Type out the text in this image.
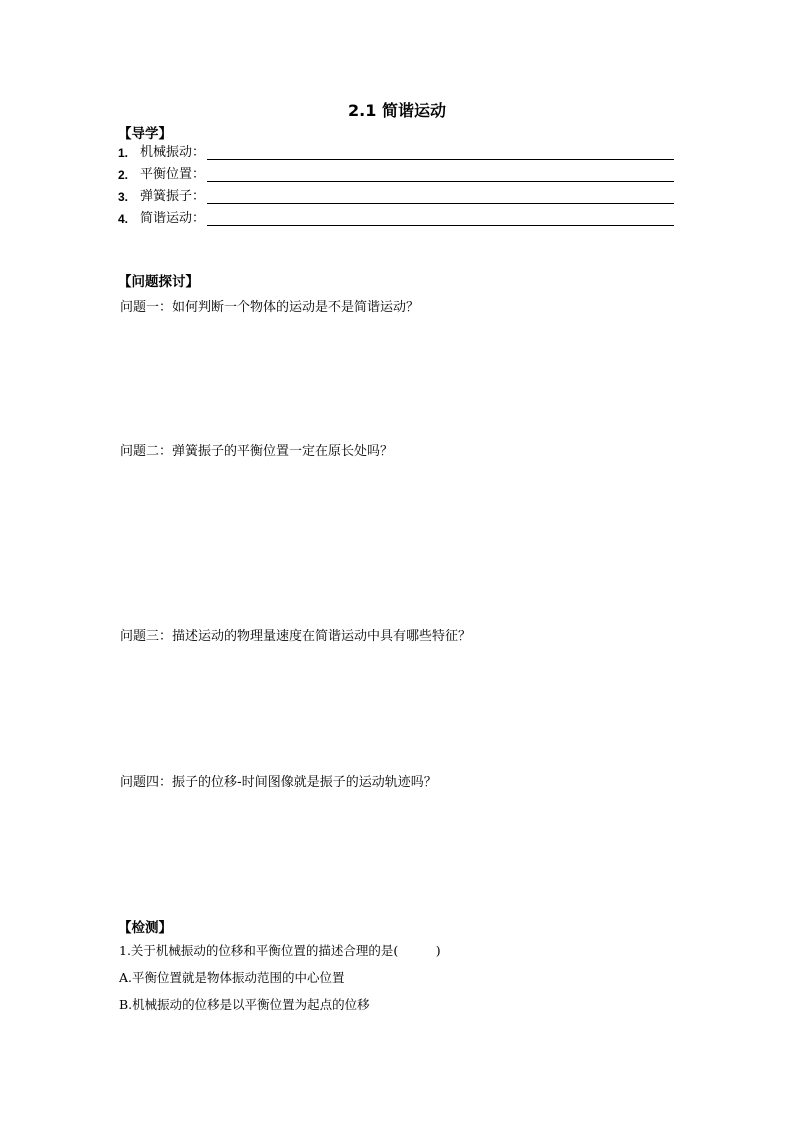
2.1 简谐运动
【导学】
1. 机械振动：
2. 平衡位置：
3. 弹簧振子：
4. 简谐运动：
【问题探讨】
问题一：如何判断一个物体的运动是不是简谐运动？
问题二：弹簧振子的平衡位置一定在原长处吗？
问题三：描述运动的物理量速度在简谐运动中具有哪些特征？
问题四：振子的位移-时间图像就是振子的运动轨迹吗？
【检测】
1.关于机械振动的位移和平衡位置的描述合理的是(　　　)
A.平衡位置就是物体振动范围的中心位置
B.机械振动的位移是以平衡位置为起点的位移
